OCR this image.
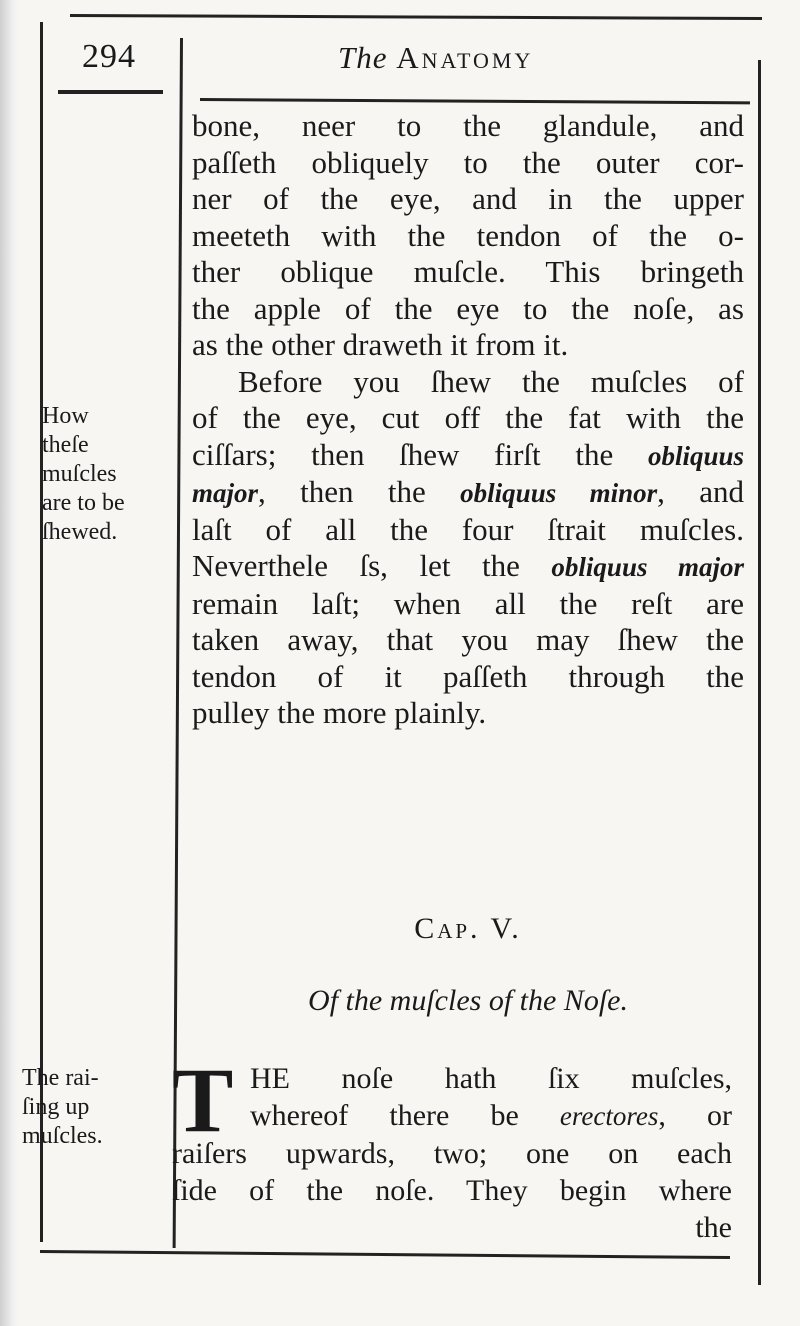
294	The Anatomy
bone, neer to the glandule, and
paſſeth obliquely to the outer cor-
ner of the eye, and in the upper
meeteth with the tendon of the o-
ther oblique muſcle. This bringeth
the apple of the eye to the noſe, as
as the other draweth it from it.
Before you ſhew the muſcles of
of the eye, cut off the fat with the
ciſſars; then ſhew firſt the obliquus
major, then the obliquus minor, and
laſt of all the four ſtrait muſcles.
Neverthele ſs, let the obliquus major
remain laſt; when all the reſt are
taken away, that you may ſhew the
tendon of it paſſeth through the
pulley the more plainly.
How
theſe
muſcles
are to be
ſhewed.
Cap. V.
Of the muſcles of the Noſe.
T HE noſe hath ſix muſcles,
whereof there be erectores, or
raiſers upwards, two; one on each
ſide of the noſe. They begin where
the
The rai-
ſing up
muſcles.
